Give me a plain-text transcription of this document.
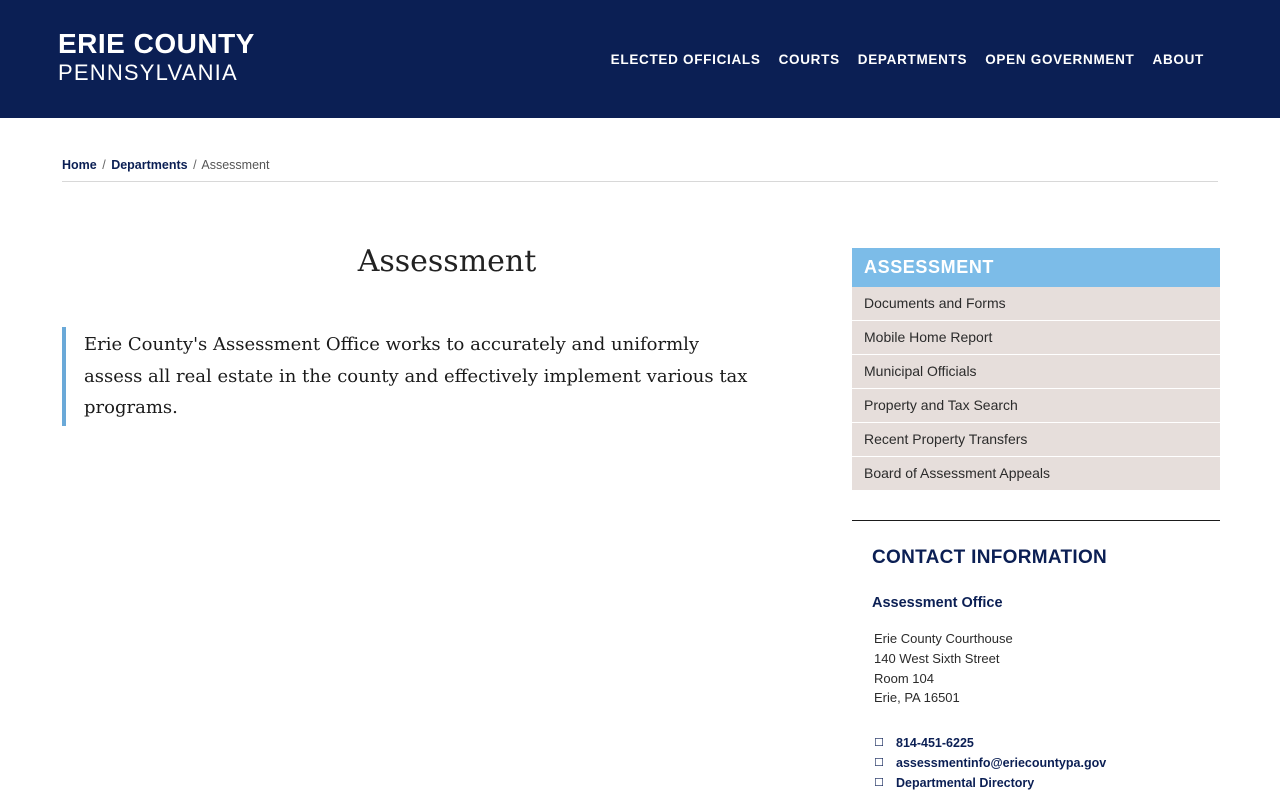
ERIE COUNTY
PENNSYLVANIA
ELECTED OFFICIALS	COURTS	DEPARTMENTS	OPEN GOVERNMENT	ABOUT
Home / Departments / Assessment
Assessment
Erie County's Assessment Office works to accurately and uniformly assess all real estate in the county and effectively implement various tax programs.
ASSESSMENT
Documents and Forms
Mobile Home Report
Municipal Officials
Property and Tax Search
Recent Property Transfers
Board of Assessment Appeals
CONTACT INFORMATION
Assessment Office
Erie County Courthouse
140 West Sixth Street
Room 104
Erie, PA 16501
☐ 814-451-6225
☐ assessmentinfo@eriecountypa.gov
☐ Departmental Directory
